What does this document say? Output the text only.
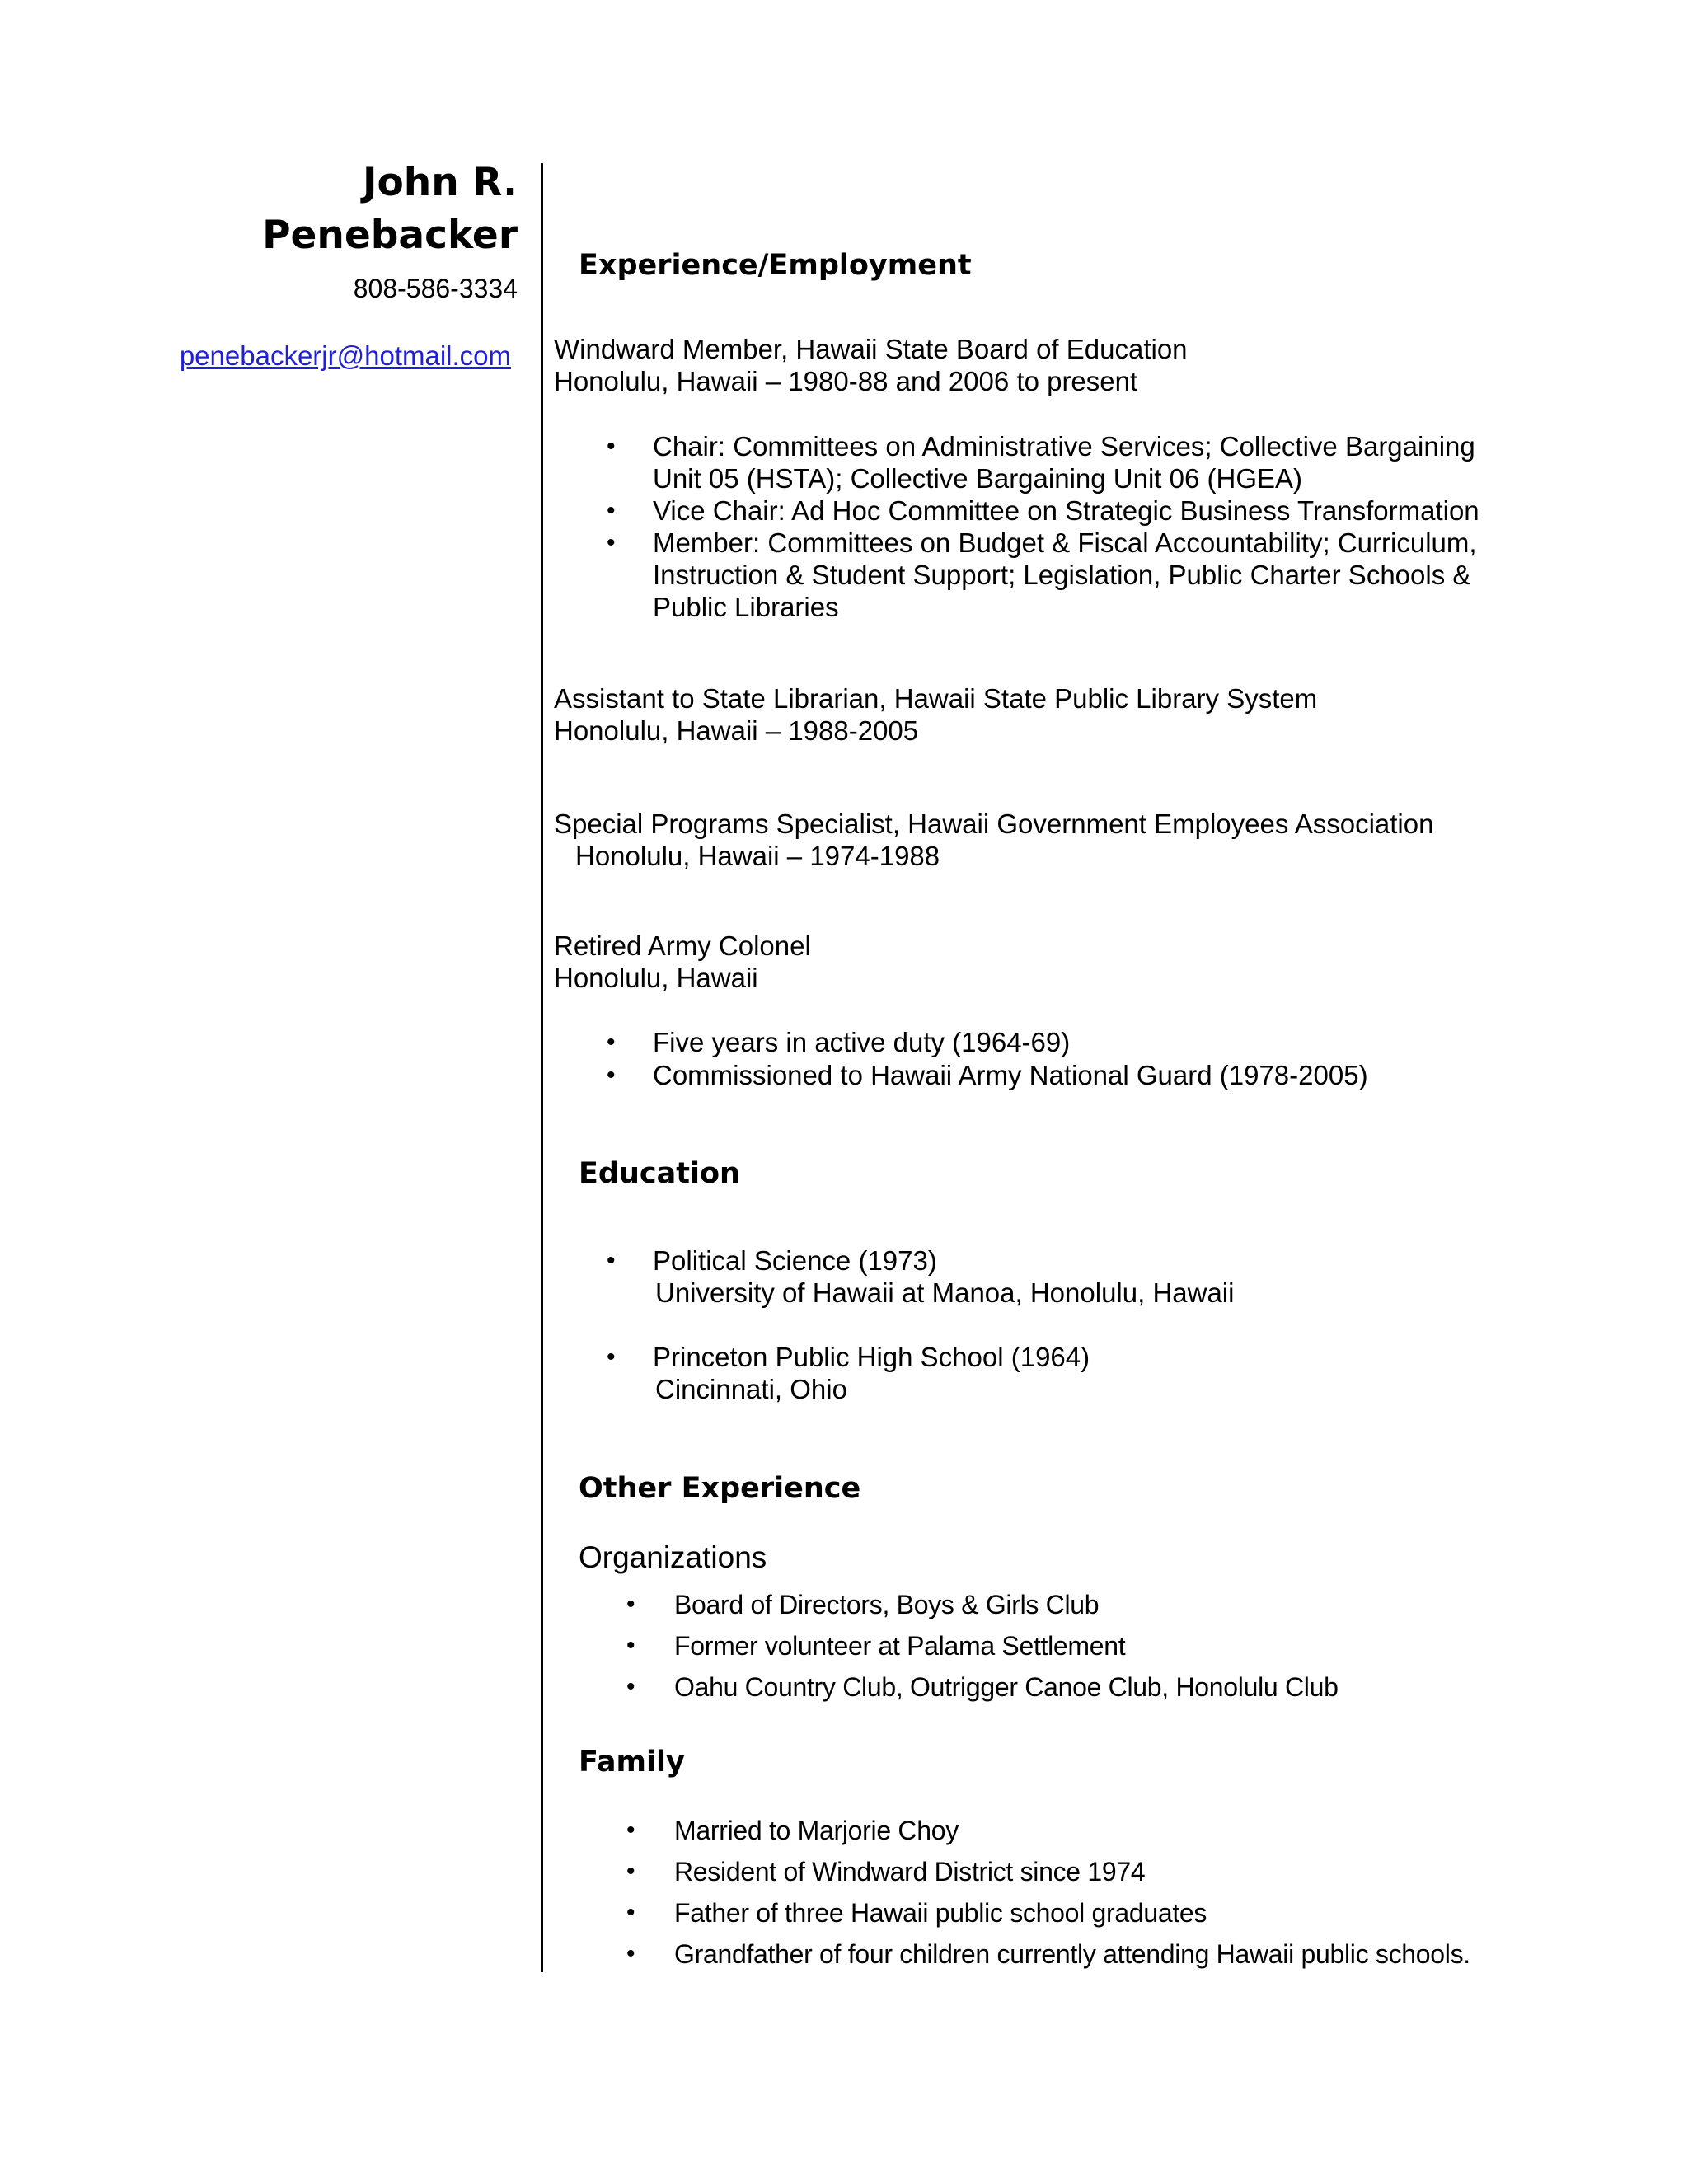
John R.
Penebacker
808-586-3334
penebackerjr@hotmail.com
Experience/Employment
Windward Member, Hawaii State Board of Education
Honolulu, Hawaii – 1980-88 and 2006 to present
• Chair: Committees on Administrative Services; Collective Bargaining
Unit 05 (HSTA); Collective Bargaining Unit 06 (HGEA)
• Vice Chair: Ad Hoc Committee on Strategic Business Transformation
• Member: Committees on Budget & Fiscal Accountability; Curriculum,
Instruction & Student Support; Legislation, Public Charter Schools &
Public Libraries
Assistant to State Librarian, Hawaii State Public Library System
Honolulu, Hawaii – 1988-2005
Special Programs Specialist, Hawaii Government Employees Association
Honolulu, Hawaii – 1974-1988
Retired Army Colonel
Honolulu, Hawaii
• Five years in active duty (1964-69)
• Commissioned to Hawaii Army National Guard (1978-2005)
Education
• Political Science (1973)
University of Hawaii at Manoa, Honolulu, Hawaii
• Princeton Public High School (1964)
Cincinnati, Ohio
Other Experience
Organizations
• Board of Directors, Boys & Girls Club
• Former volunteer at Palama Settlement
• Oahu Country Club, Outrigger Canoe Club, Honolulu Club
Family
• Married to Marjorie Choy
• Resident of Windward District since 1974
• Father of three Hawaii public school graduates
• Grandfather of four children currently attending Hawaii public schools.
